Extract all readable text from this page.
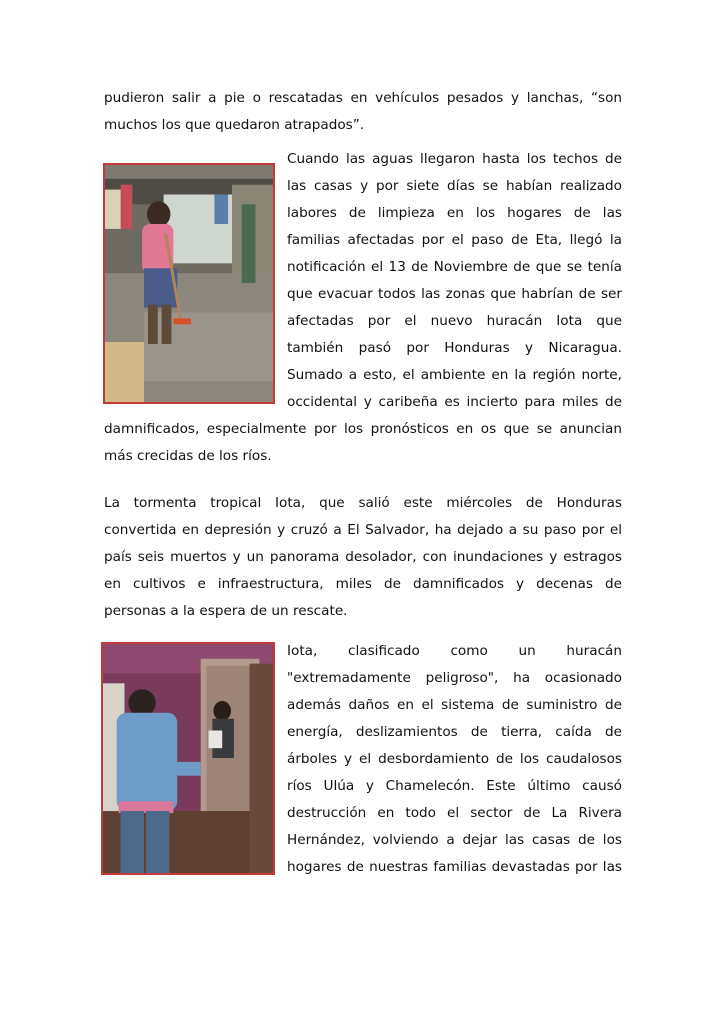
pudieron salir a pie o rescatadas en vehículos pesados y lanchas, “son
muchos los que quedaron atrapados”.
Cuando las aguas llegaron hasta los techos de
las casas y por siete días se habían realizado
labores de limpieza en los hogares de las
familias afectadas por el paso de Eta, llegó la
notificación el 13 de Noviembre de que se tenía
que evacuar todos las zonas que habrían de ser
afectadas por el nuevo huracán Iota que
también pasó por Honduras y Nicaragua.
Sumado a esto, el ambiente en la región norte,
occidental y caribeña es incierto para miles de
damnificados, especialmente por los pronósticos en os que se anuncian
más crecidas de los ríos.
La tormenta tropical Iota, que salió este miércoles de Honduras
convertida en depresión y cruzó a El Salvador, ha dejado a su paso por el
país seis muertos y un panorama desolador, con inundaciones y estragos
en cultivos e infraestructura, miles de damnificados y decenas de
personas a la espera de un rescate.
Iota, clasificado como un huracán
"extremadamente peligroso", ha ocasionado
además daños en el sistema de suministro de
energía, deslizamientos de tierra, caída de
árboles y el desbordamiento de los caudalosos
ríos Ulúa y Chamelecón. Este último causó
destrucción en todo el sector de La Rivera
Hernández, volviendo a dejar las casas de los
hogares de nuestras familias devastadas por las
